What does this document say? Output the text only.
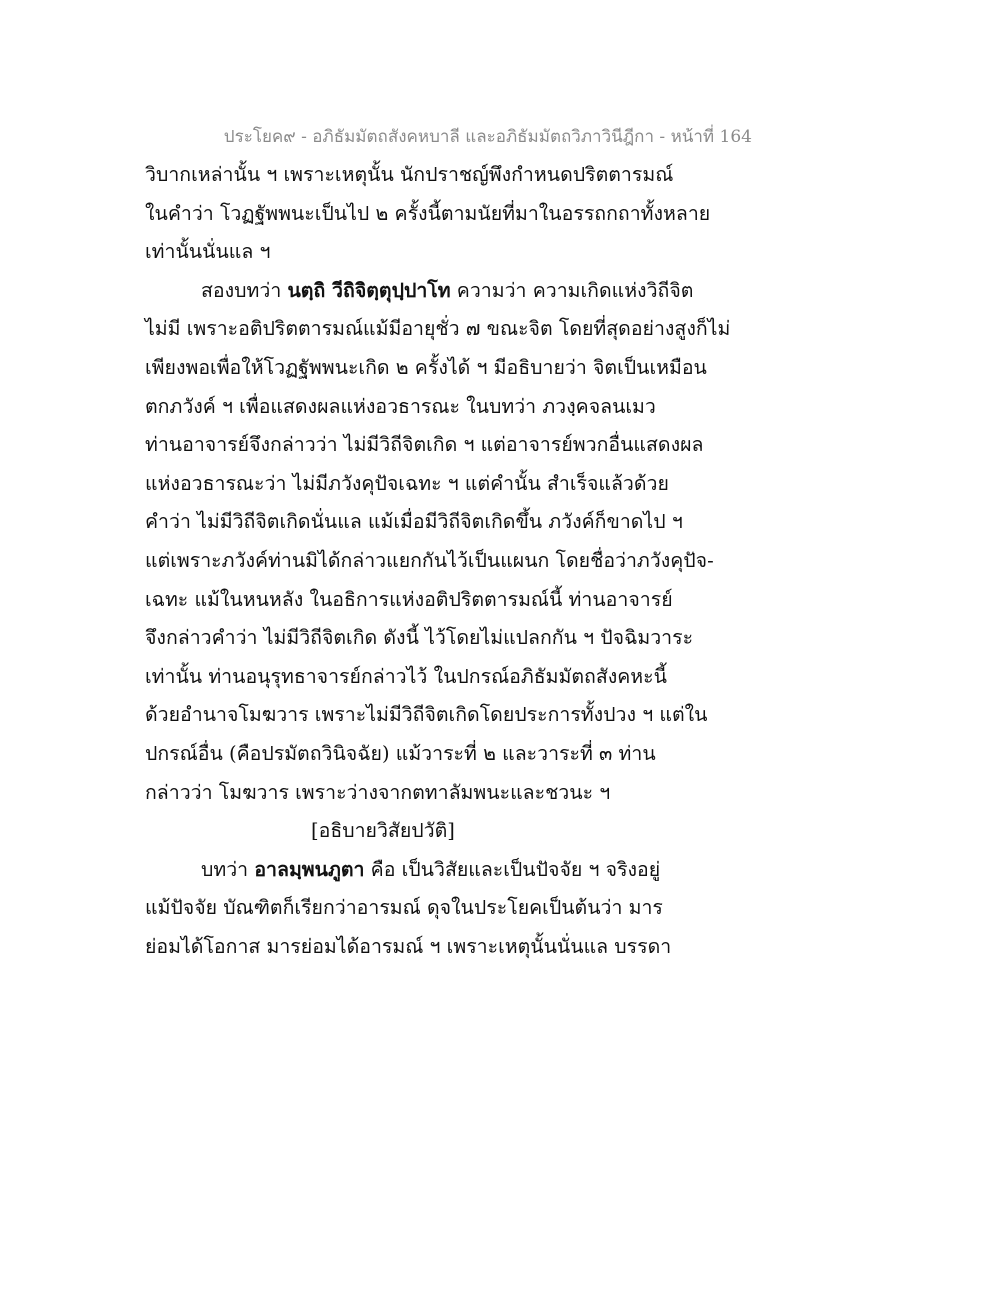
ประโยค๙ - อภิธัมมัตถสังคหบาลี และอภิธัมมัตถวิภาวินีฎีกา - หน้าที่ 164
วิบากเหล่านั้น ฯ เพราะเหตุนั้น นักปราชญ์พึงกำหนดปริตตารมณ์
ในคำว่า โวฏฐัพพนะเป็นไป ๒ ครั้งนี้ตามนัยที่มาในอรรถกถาทั้งหลาย
เท่านั้นนั่นแล ฯ
สองบทว่า นตฺถิ วีถิจิตฺตุปฺปาโท ความว่า ความเกิดแห่งวิถีจิต
ไม่มี เพราะอติปริตตารมณ์แม้มีอายุชั่ว ๗ ขณะจิต โดยที่สุดอย่างสูงก็ไม่
เพียงพอเพื่อให้โวฏฐัพพนะเกิด ๒ ครั้งได้ ฯ มีอธิบายว่า จิตเป็นเหมือน
ตกภวังค์ ฯ เพื่อแสดงผลแห่งอวธารณะ ในบทว่า ภวงฺคจลนเมว
ท่านอาจารย์จึงกล่าวว่า ไม่มีวิถีจิตเกิด ฯ แต่อาจารย์พวกอื่นแสดงผล
แห่งอวธารณะว่า ไม่มีภวังคุปัจเฉทะ ฯ แต่คำนั้น สำเร็จแล้วด้วย
คำว่า ไม่มีวิถีจิตเกิดนั่นแล แม้เมื่อมีวิถีจิตเกิดขึ้น ภวังค์ก็ขาดไป ฯ
แต่เพราะภวังค์ท่านมิได้กล่าวแยกกันไว้เป็นแผนก โดยชื่อว่าภวังคุปัจ-
เฉทะ แม้ในหนหลัง ในอธิการแห่งอติปริตตารมณ์นี้ ท่านอาจารย์
จึงกล่าวคำว่า ไม่มีวิถีจิตเกิด ดังนี้ ไว้โดยไม่แปลกกัน ฯ ปัจฉิมวาระ
เท่านั้น ท่านอนุรุทธาจารย์กล่าวไว้ ในปกรณ์อภิธัมมัตถสังคหะนี้
ด้วยอำนาจโมฆวาร เพราะไม่มีวิถีจิตเกิดโดยประการทั้งปวง ฯ แต่ใน
ปกรณ์อื่น (คือปรมัตถวินิจฉัย) แม้วาระที่ ๒ และวาระที่ ๓ ท่าน
กล่าวว่า โมฆวาร เพราะว่างจากตทาลัมพนะและชวนะ ฯ
[อธิบายวิสัยปวัติ]
บทว่า อาลมฺพนภูตา คือ เป็นวิสัยและเป็นปัจจัย ฯ จริงอยู่
แม้ปัจจัย บัณฑิตก็เรียกว่าอารมณ์ ดุจในประโยคเป็นต้นว่า มาร
ย่อมได้โอกาส มารย่อมได้อารมณ์ ฯ เพราะเหตุนั้นนั่นแล บรรดา
